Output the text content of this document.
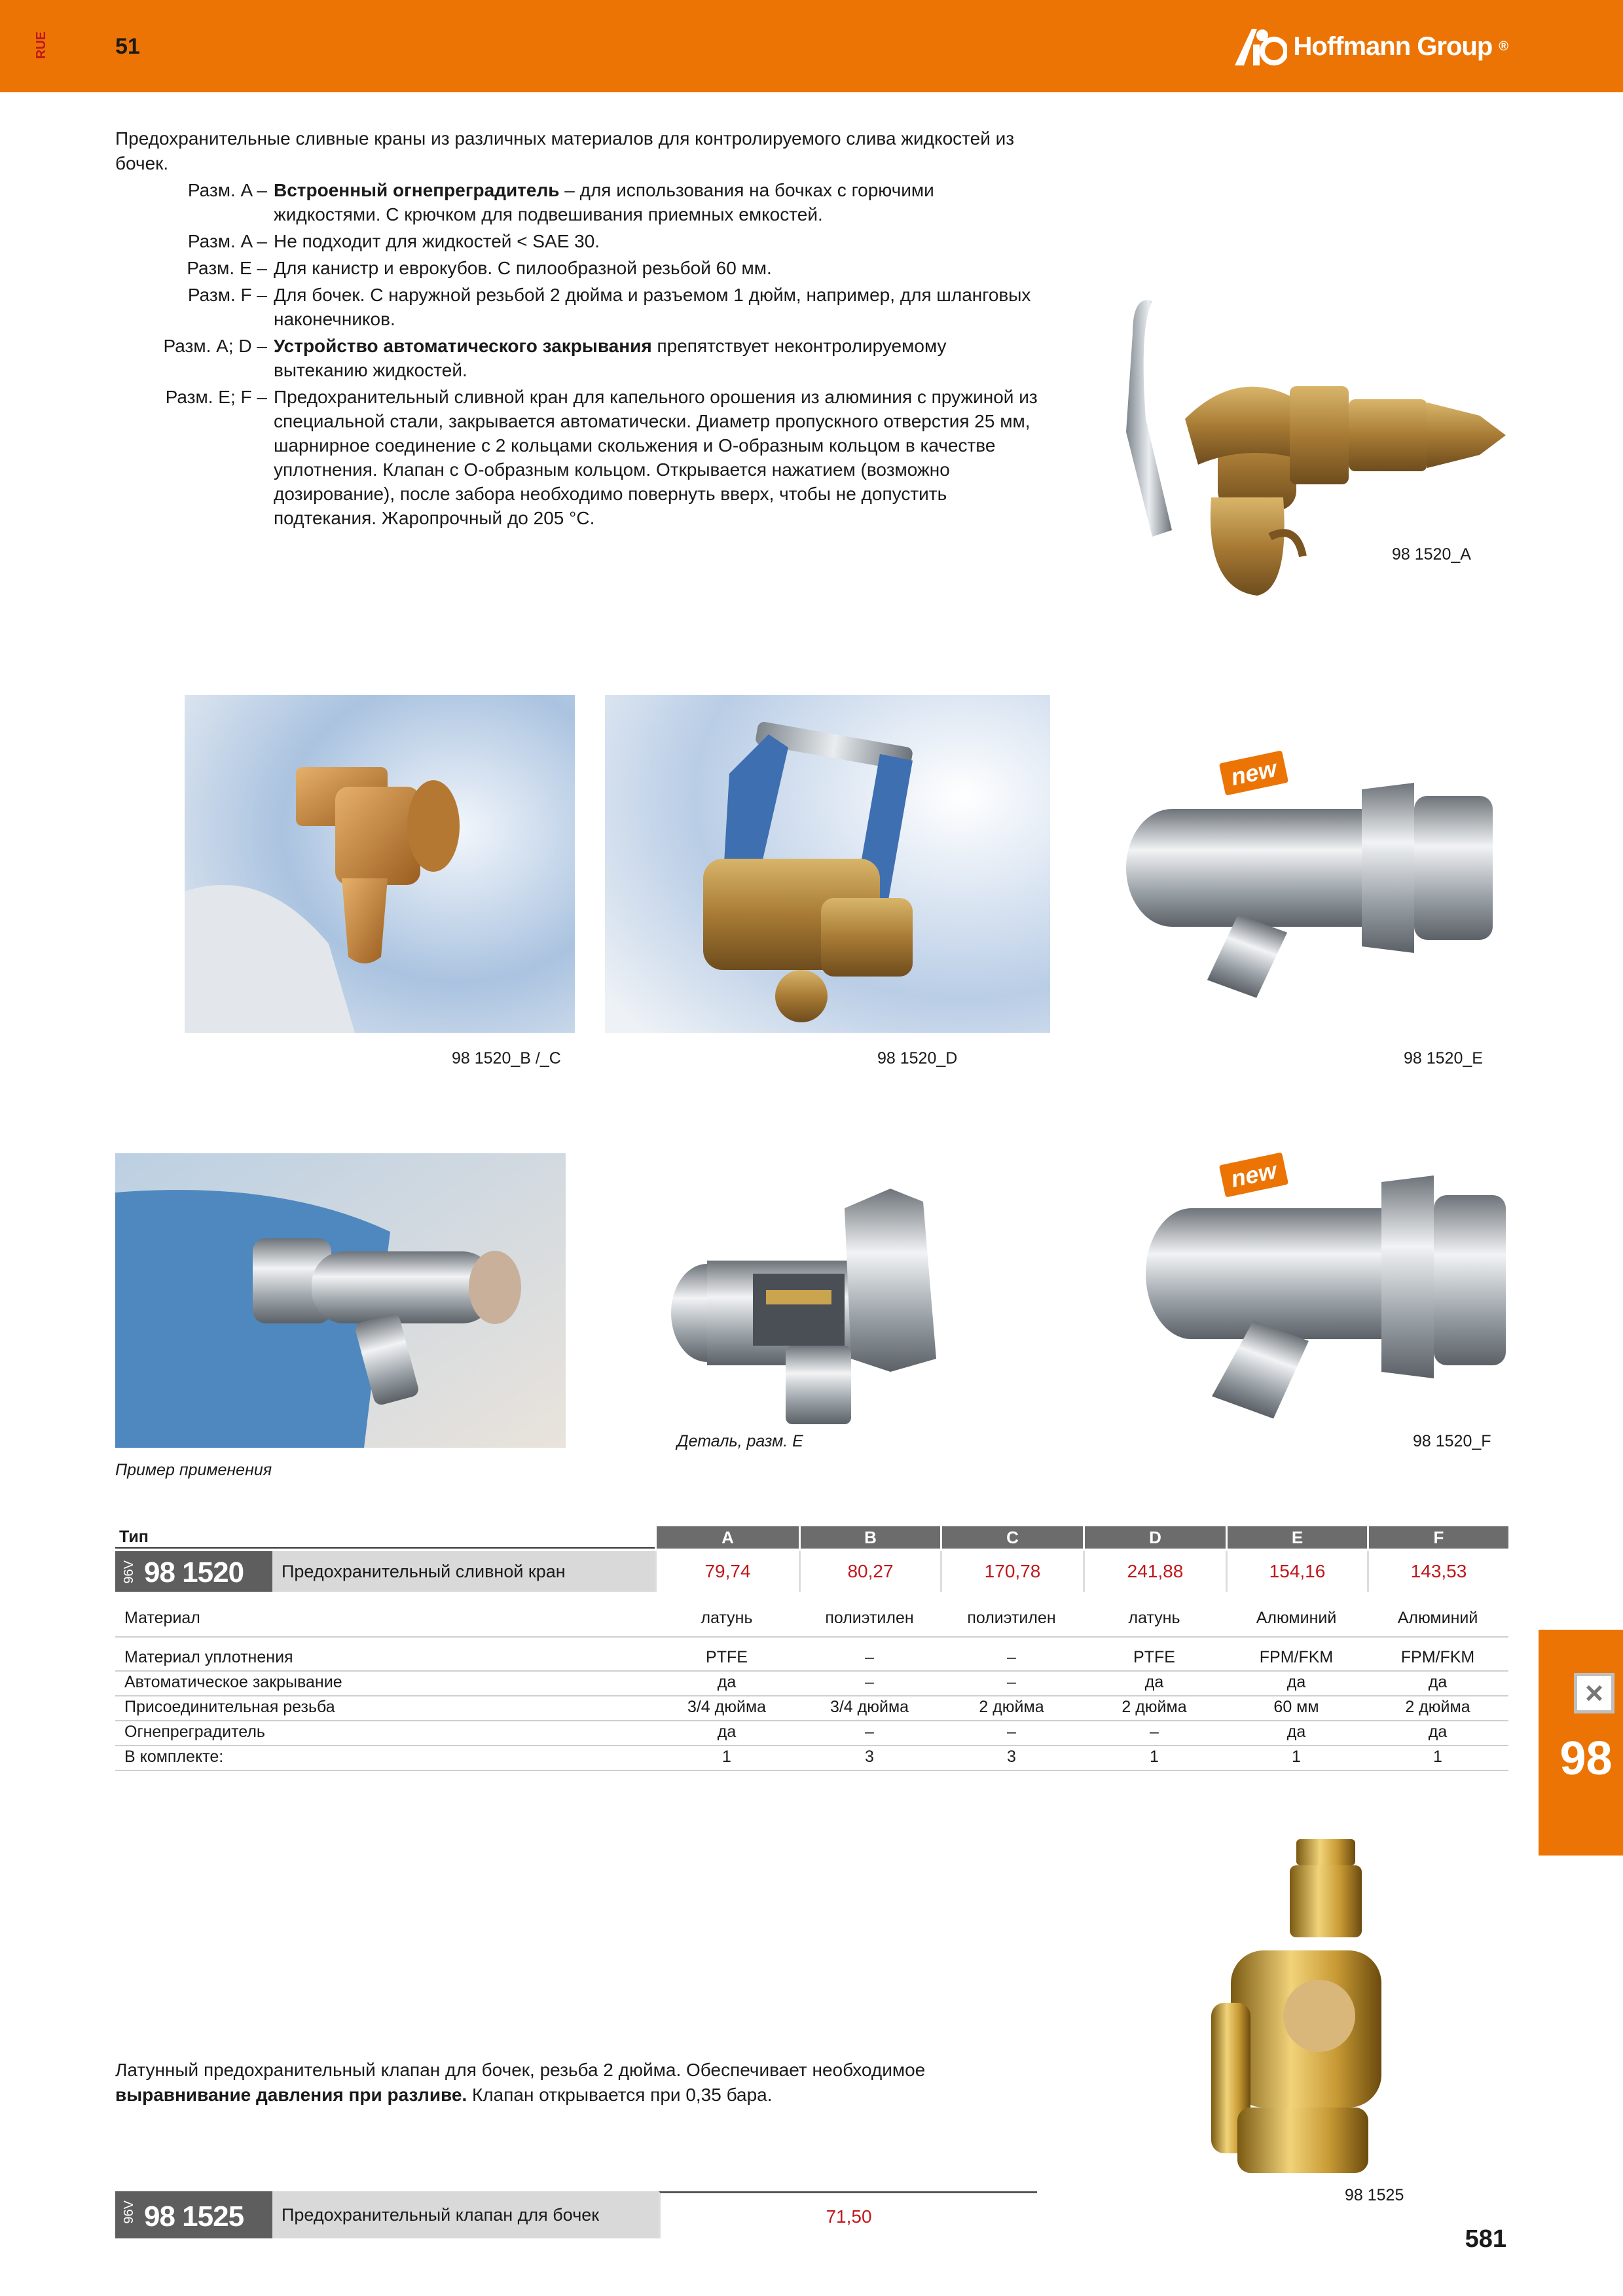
RUE	51	Hoffmann Group ®
Предохранительные сливные краны из различных материалов для контролируемого слива жидкостей из бочек.
Разм. A – Встроенный огнепреградитель – для использования на бочках с горючими жидкостями. С крючком для подвешивания приемных емкостей.
Разм. A – Не подходит для жидкостей < SAE 30.
Разм. E – Для канистр и еврокубов. С пилообразной резьбой 60 мм.
Разм. F – Для бочек. С наружной резьбой 2 дюйма и разъемом 1 дюйм, например, для шланговых наконечников.
Разм. A; D – Устройство автоматического закрывания препятствует неконтролируемому вытеканию жидкостей.
Разм. E; F – Предохранительный сливной кран для капельного орошения из алюминия с пружиной из специальной стали, закрывается автоматически. Диаметр пропускного отверстия 25 мм, шарнирное соединение с 2 кольцами скольжения и O-образным кольцом в качестве уплотнения. Клапан с O-образным кольцом. Открывается нажатием (возможно дозирование), после забора необходимо повернуть вверх, чтобы не допустить подтекания. Жаропрочный до 205 °C.
98 1520_A
98 1520_B /_C	98 1520_D
new
98 1520_E
Пример применения
Деталь, разм. E
new
98 1520_F
Тип	A	B	C	D	E	F
96V 98 1520	Предохранительный сливной кран	79,74	80,27	170,78	241,88	154,16	143,53
Материал	латунь	полиэтилен	полиэтилен	латунь	Алюминий	Алюминий
Материал уплотнения	PTFE	–	–	PTFE	FPM/FKM	FPM/FKM
Автоматическое закрывание	да	–	–	да	да	да
Присоединительная резьба	3/4 дюйма	3/4 дюйма	2 дюйма	2 дюйма	60 мм	2 дюйма
Огнепреградитель	да	–	–	–	да	да
В комплекте:	1	3	3	1	1	1
×
98
98 1525
Латунный предохранительный клапан для бочек, резьба 2 дюйма. Обеспечивает необходимое выравнивание давления при разливе. Клапан открывается при 0,35 бара.
96V 98 1525	Предохранительный клапан для бочек	71,50
581
